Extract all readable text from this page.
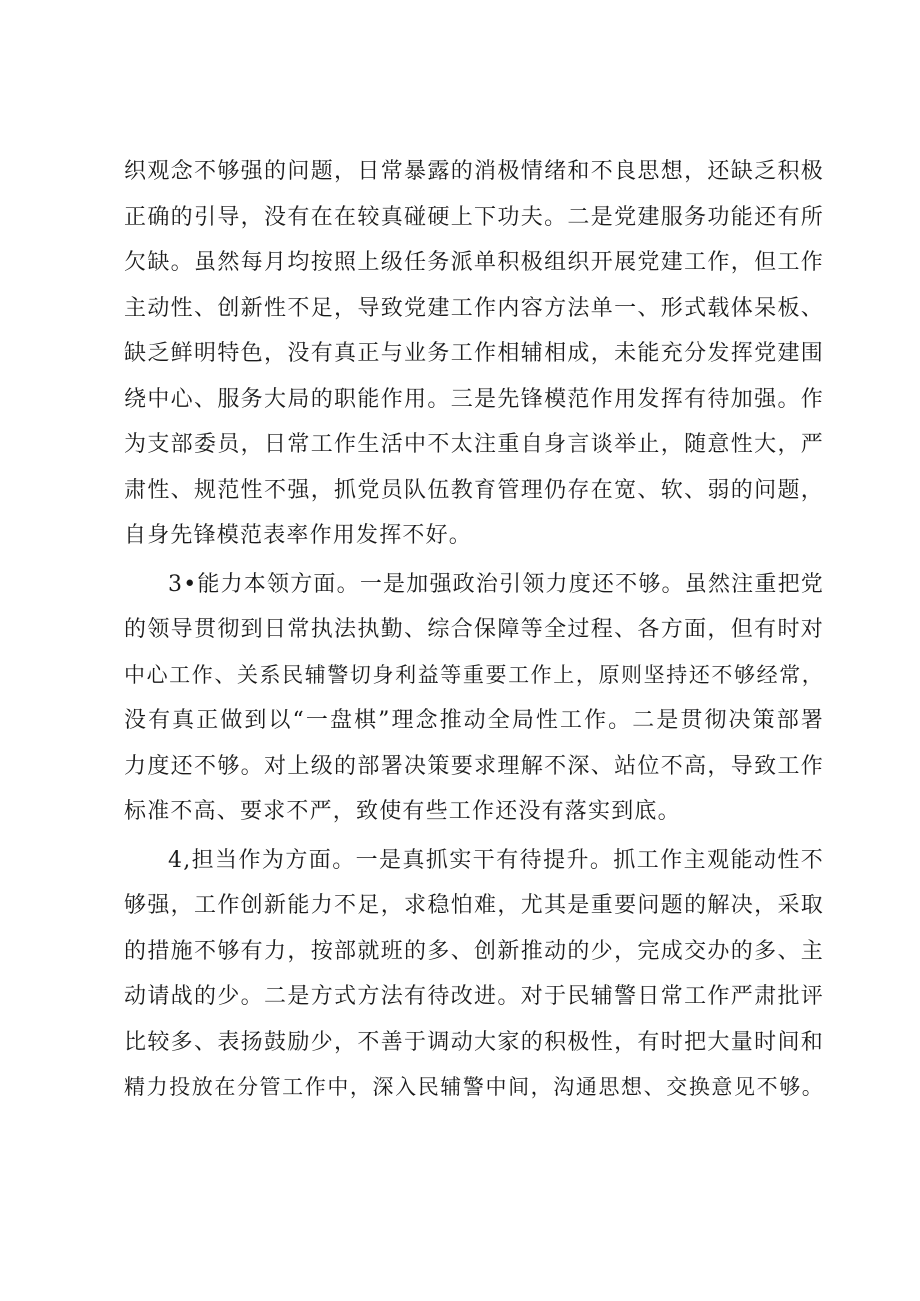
织观念不够强的问题，日常暴露的消极情绪和不良思想，还缺乏积极
正确的引导，没有在在较真碰硬上下功夫。二是党建服务功能还有所
欠缺。虽然每月均按照上级任务派单积极组织开展党建工作，但工作
主动性、创新性不足，导致党建工作内容方法单一、形式载体呆板、
缺乏鲜明特色，没有真正与业务工作相辅相成，未能充分发挥党建围
绕中心、服务大局的职能作用。三是先锋模范作用发挥有待加强。作
为支部委员，日常工作生活中不太注重自身言谈举止，随意性大，严
肃性、规范性不强，抓党员队伍教育管理仍存在宽、软、弱的问题，
自身先锋模范表率作用发挥不好。
3•能力本领方面。一是加强政治引领力度还不够。虽然注重把党
的领导贯彻到日常执法执勤、综合保障等全过程、各方面，但有时对
中心工作、关系民辅警切身利益等重要工作上，原则坚持还不够经常，
没有真正做到以“一盘棋”理念推动全局性工作。二是贯彻决策部署
力度还不够。对上级的部署决策要求理解不深、站位不高，导致工作
标准不高、要求不严，致使有些工作还没有落实到底。
4,担当作为方面。一是真抓实干有待提升。抓工作主观能动性不
够强，工作创新能力不足，求稳怕难，尤其是重要问题的解决，采取
的措施不够有力，按部就班的多、创新推动的少，完成交办的多、主
动请战的少。二是方式方法有待改进。对于民辅警日常工作严肃批评
比较多、表扬鼓励少，不善于调动大家的积极性，有时把大量时间和
精力投放在分管工作中，深入民辅警中间，沟通思想、交换意见不够。
